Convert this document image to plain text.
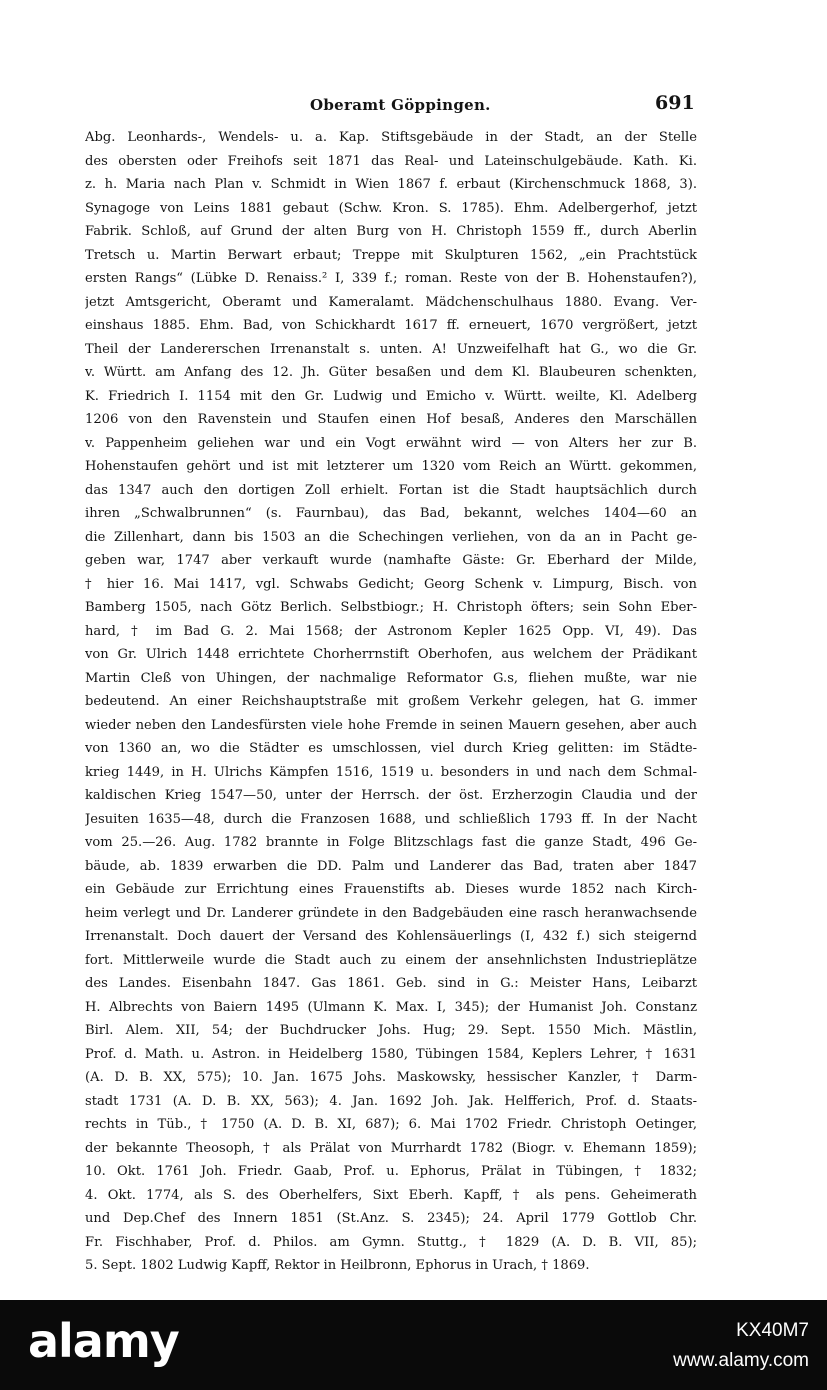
Oberamt Göppingen.	691
Abg. Leonhards-, Wendels- u. a. Kap. Stiftsgebäude in der Stadt, an der Stelle
des obersten oder Freihofs seit 1871 das Real- und Lateinschulgebäude. Kath. Ki.
z. h. Maria nach Plan v. Schmidt in Wien 1867 f. erbaut (Kirchenschmuck 1868, 3).
Synagoge von Leins 1881 gebaut (Schw. Kron. S. 1785). Ehm. Adelbergerhof, jetzt
Fabrik. Schloß, auf Grund der alten Burg von H. Christoph 1559 ff., durch Aberlin
Tretsch u. Martin Berwart erbaut; Treppe mit Skulpturen 1562, „ein Prachtstück
ersten Rangs“ (Lübke D. Renaiss.² I, 339 f.; roman. Reste von der B. Hohenstaufen?),
jetzt Amtsgericht, Oberamt und Kameralamt. Mädchenschulhaus 1880. Evang. Ver-
einshaus 1885. Ehm. Bad, von Schickhardt 1617 ff. erneuert, 1670 vergrößert, jetzt
Theil der Landererschen Irrenanstalt s. unten. A! Unzweifelhaft hat G., wo die Gr.
v. Württ. am Anfang des 12. Jh. Güter besaßen und dem Kl. Blaubeuren schenkten,
K. Friedrich I. 1154 mit den Gr. Ludwig und Emicho v. Württ. weilte, Kl. Adelberg
1206 von den Ravenstein und Staufen einen Hof besaß, Anderes den Marschällen
v. Pappenheim geliehen war und ein Vogt erwähnt wird — von Alters her zur B.
Hohenstaufen gehört und ist mit letzterer um 1320 vom Reich an Württ. gekommen,
das 1347 auch den dortigen Zoll erhielt. Fortan ist die Stadt hauptsächlich durch
ihren „Schwalbrunnen“ (s. Faurnbau), das Bad, bekannt, welches 1404—60 an
die Zillenhart, dann bis 1503 an die Schechingen verliehen, von da an in Pacht ge-
geben war, 1747 aber verkauft wurde (namhafte Gäste: Gr. Eberhard der Milde,
† hier 16. Mai 1417, vgl. Schwabs Gedicht; Georg Schenk v. Limpurg, Bisch. von
Bamberg 1505, nach Götz Berlich. Selbstbiogr.; H. Christoph öfters; sein Sohn Eber-
hard, † im Bad G. 2. Mai 1568; der Astronom Kepler 1625 Opp. VI, 49). Das
von Gr. Ulrich 1448 errichtete Chorherrnstift Oberhofen, aus welchem der Prädikant
Martin Cleß von Uhingen, der nachmalige Reformator G.s, fliehen mußte, war nie
bedeutend. An einer Reichshauptstraße mit großem Verkehr gelegen, hat G. immer
wieder neben den Landesfürsten viele hohe Fremde in seinen Mauern gesehen, aber auch
von 1360 an, wo die Städter es umschlossen, viel durch Krieg gelitten: im Städte-
krieg 1449, in H. Ulrichs Kämpfen 1516, 1519 u. besonders in und nach dem Schmal-
kaldischen Krieg 1547—50, unter der Herrsch. der öst. Erzherzogin Claudia und der
Jesuiten 1635—48, durch die Franzosen 1688, und schließlich 1793 ff. In der Nacht
vom 25.—26. Aug. 1782 brannte in Folge Blitzschlags fast die ganze Stadt, 496 Ge-
bäude, ab. 1839 erwarben die DD. Palm und Landerer das Bad, traten aber 1847
ein Gebäude zur Errichtung eines Frauenstifts ab. Dieses wurde 1852 nach Kirch-
heim verlegt und Dr. Landerer gründete in den Badgebäuden eine rasch heranwachsende
Irrenanstalt. Doch dauert der Versand des Kohlensäuerlings (I, 432 f.) sich steigernd
fort. Mittlerweile wurde die Stadt auch zu einem der ansehnlichsten Industrieplätze
des Landes. Eisenbahn 1847. Gas 1861. Geb. sind in G.: Meister Hans, Leibarzt
H. Albrechts von Baiern 1495 (Ulmann K. Max. I, 345); der Humanist Joh. Constanz
Birl. Alem. XII, 54; der Buchdrucker Johs. Hug; 29. Sept. 1550 Mich. Mästlin,
Prof. d. Math. u. Astron. in Heidelberg 1580, Tübingen 1584, Keplers Lehrer, † 1631
(A. D. B. XX, 575); 10. Jan. 1675 Johs. Maskowsky, hessischer Kanzler, † Darm-
stadt 1731 (A. D. B. XX, 563); 4. Jan. 1692 Joh. Jak. Helfferich, Prof. d. Staats-
rechts in Tüb., † 1750 (A. D. B. XI, 687); 6. Mai 1702 Friedr. Christoph Oetinger,
der bekannte Theosoph, † als Prälat von Murrhardt 1782 (Biogr. v. Ehemann 1859);
10. Okt. 1761 Joh. Friedr. Gaab, Prof. u. Ephorus, Prälat in Tübingen, † 1832;
4. Okt. 1774, als S. des Oberhelfers, Sixt Eberh. Kapff, † als pens. Geheimerath
und Dep.Chef des Innern 1851 (St.Anz. S. 2345); 24. April 1779 Gottlob Chr.
Fr. Fischhaber, Prof. d. Philos. am Gymn. Stuttg., † 1829 (A. D. B. VII, 85);
5. Sept. 1802 Ludwig Kapff, Rektor in Heilbronn, Ephorus in Urach, † 1869.
alamy	KX40M7
www.alamy.com
